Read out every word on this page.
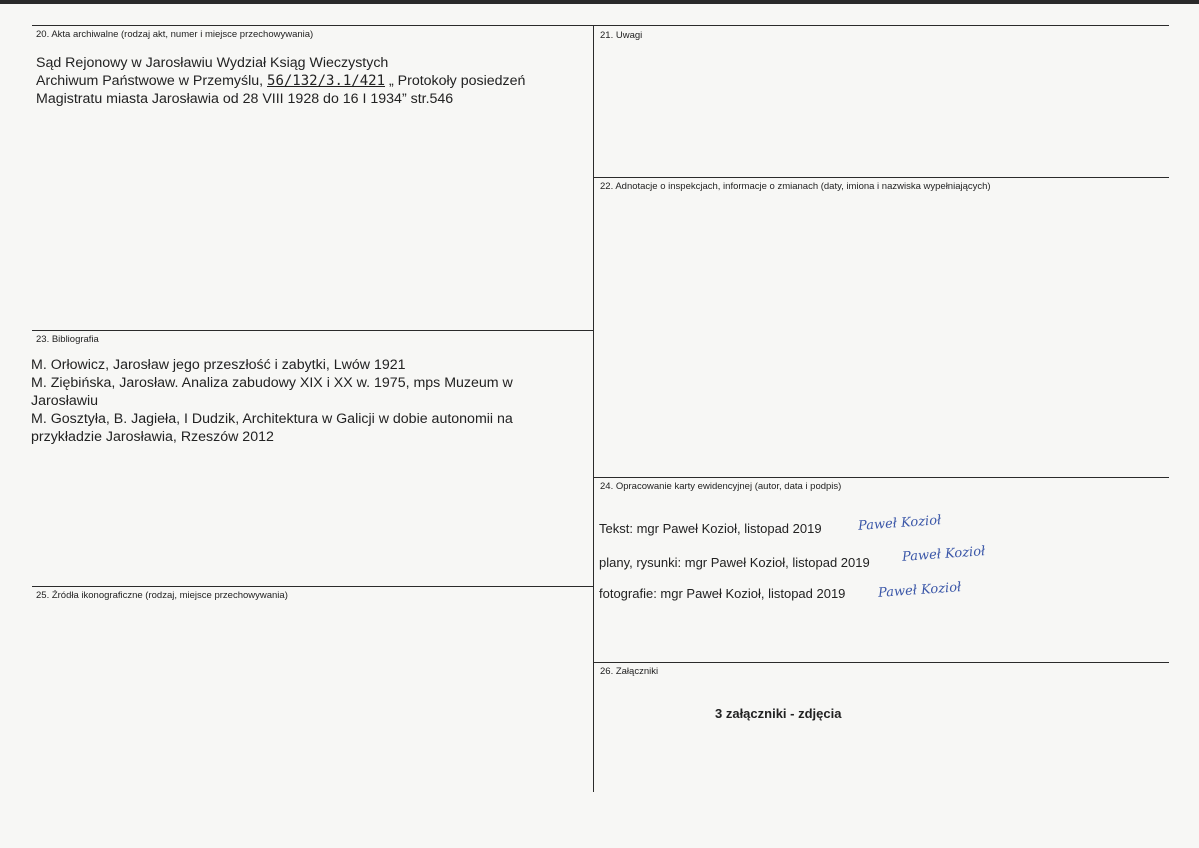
20. Akta archiwalne (rodzaj akt, numer i miejsce przechowywania)
Sąd Rejonowy w Jarosławiu Wydział Ksiąg Wieczystych
Archiwum Państwowe w Przemyślu, 56/132/3.1/421 „ Protokoły posiedzeń
Magistratu miasta Jarosławia od 28 VIII 1928 do 16 I 1934” str.546
21. Uwagi
22. Adnotacje o inspekcjach, informacje o zmianach (daty, imiona i nazwiska wypełniających)
23. Bibliografia
M. Orłowicz, Jarosław jego przeszłość i zabytki, Lwów 1921
M. Ziębińska, Jarosław. Analiza zabudowy XIX i XX w. 1975, mps Muzeum w
Jarosławiu
M. Gosztyła, B. Jagieła, I Dudzik, Architektura w Galicji w dobie autonomii na
przykładzie Jarosławia, Rzeszów 2012
24. Opracowanie karty ewidencyjnej (autor, data i podpis)
Tekst: mgr Paweł Kozioł, listopad 2019	Paweł Kozioł
plany, rysunki: mgr Paweł Kozioł, listopad 2019 Paweł Kozioł
fotografie: mgr Paweł Kozioł, listopad 2019 Paweł Kozioł
25. Źródła ikonograficzne (rodzaj, miejsce przechowywania)
26. Załączniki
3 załączniki - zdjęcia
